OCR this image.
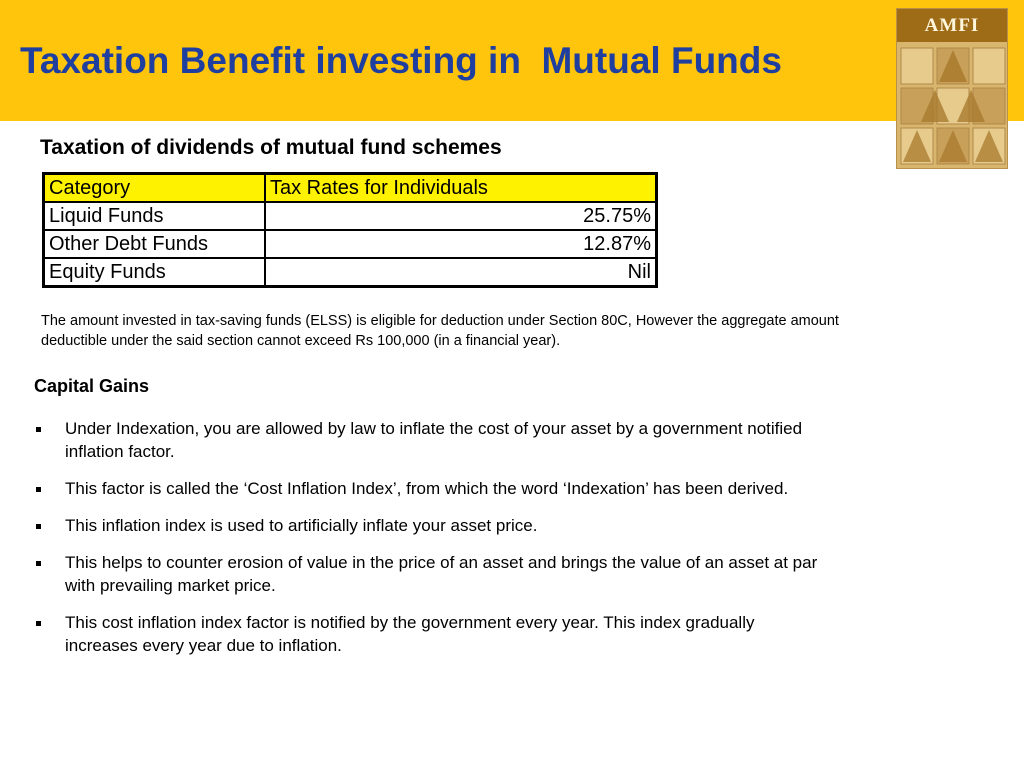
Taxation Benefit investing in  Mutual Funds
AMFI
Taxation of dividends of mutual fund schemes
Category	Tax Rates for Individuals
Liquid Funds	25.75%
Other Debt Funds	12.87%
Equity Funds	Nil

The amount invested in tax-saving funds (ELSS) is eligible for deduction under Section 80C, However the aggregate amount deductible under the said section cannot exceed Rs 100,000 (in a financial year).

Capital Gains
Under Indexation, you are allowed by law to inflate the cost of your asset by a government notified inflation factor.
This factor is called the ‘Cost Inflation Index’, from which the word ‘Indexation’ has been derived.
This inflation index is used to artificially inflate your asset price.
This helps to counter erosion of value in the price of an asset and brings the value of an asset at par with prevailing market price.
This cost inflation index factor is notified by the government every year. This index gradually increases every year due to inflation.
